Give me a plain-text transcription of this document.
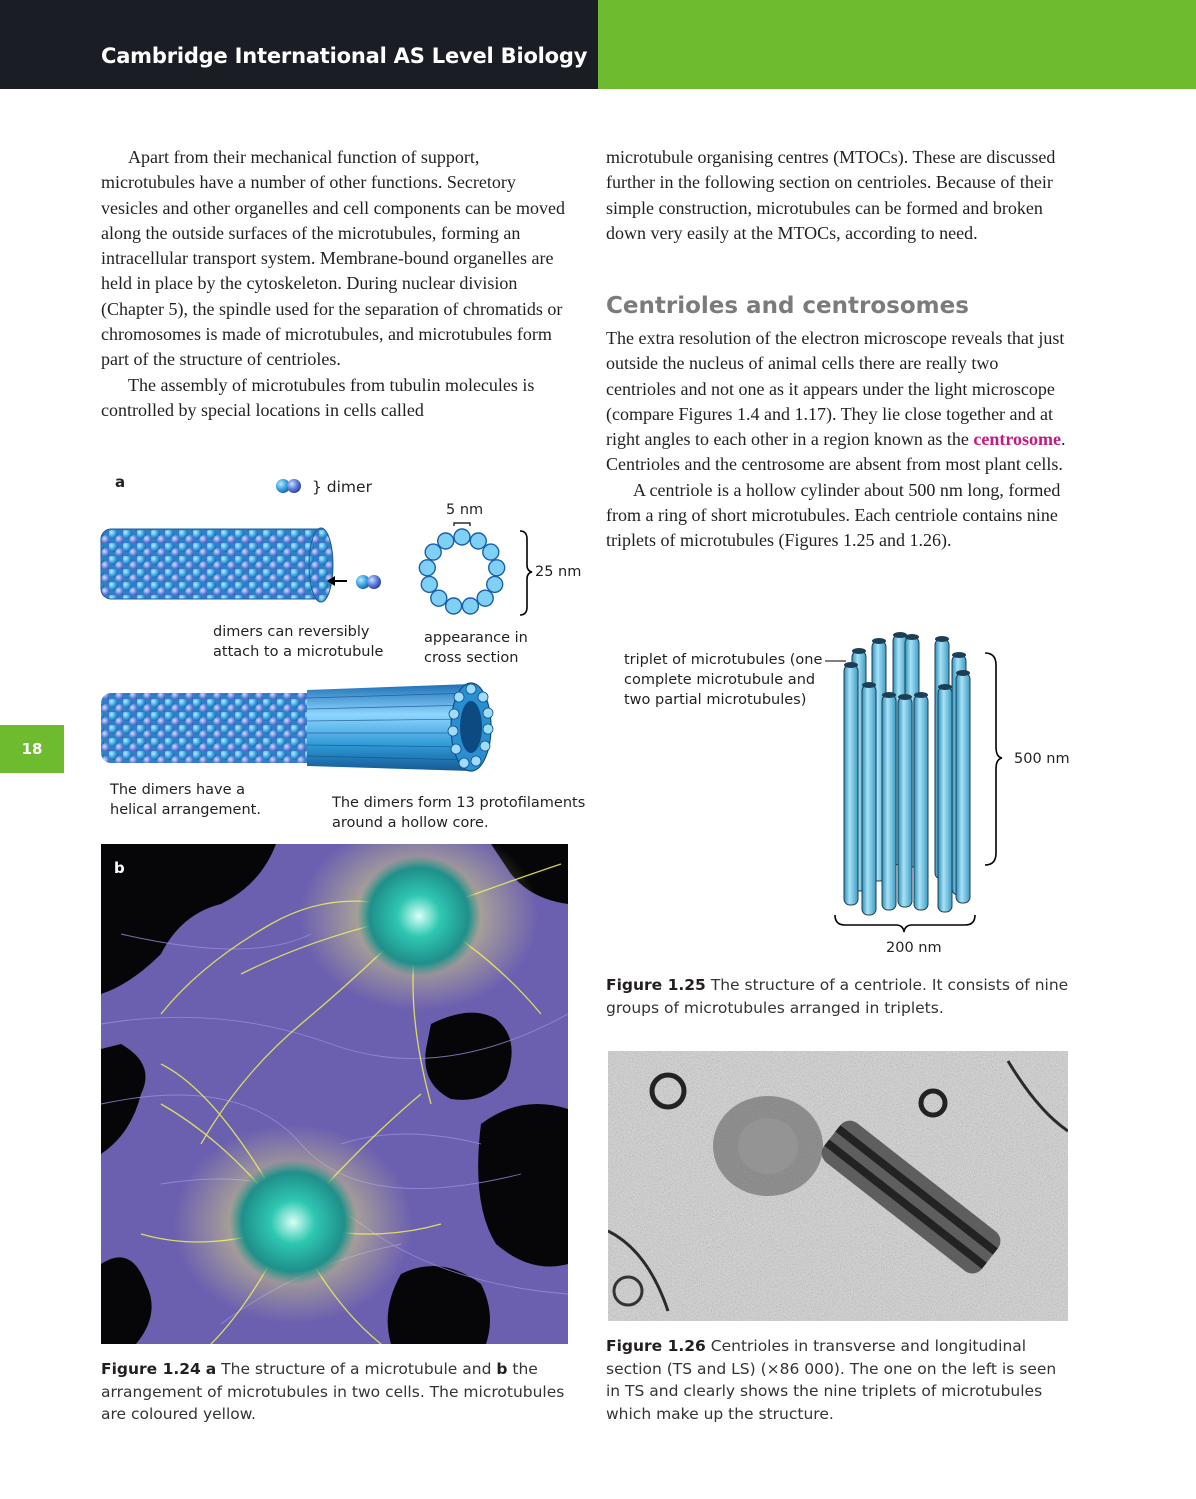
Cambridge International AS Level Biology
18

Apart from their mechanical function of support, microtubules have a number of other functions. Secretory vesicles and other organelles and cell components can be moved along the outside surfaces of the microtubules, forming an intracellular transport system. Membrane-bound organelles are held in place by the cytoskeleton. During nuclear division (Chapter 5), the spindle used for the separation of chromatids or chromosomes is made of microtubules, and microtubules form part of the structure of centrioles.

The assembly of microtubules from tubulin molecules is controlled by special locations in cells called

microtubule organising centres (MTOCs). These are discussed further in the following section on centrioles. Because of their simple construction, microtubules can be formed and broken down very easily at the MTOCs, according to need.

Centrioles and centrosomes

The extra resolution of the electron microscope reveals that just outside the nucleus of animal cells there are really two centrioles and not one as it appears under the light microscope (compare Figures 1.4 and 1.17). They lie close together and at right angles to each other in a region known as the centrosome. Centrioles and the centrosome are absent from most plant cells.

A centriole is a hollow cylinder about 500 nm long, formed from a ring of short microtubules. Each centriole contains nine triplets of microtubules (Figures 1.25 and 1.26).

a	} dimer
5 nm
25 nm
dimers can reversibly
attach to a microtubule
appearance in
cross section
The dimers have a
helical arrangement.	The dimers form 13 protofilaments
around a hollow core.
b
Figure 1.24 a The structure of a microtubule and b the arrangement of microtubules in two cells. The microtubules are coloured yellow.
triplet of microtubules (one
complete microtubule and
two partial microtubules)
500 nm
200 nm
Figure 1.25 The structure of a centriole. It consists of nine groups of microtubules arranged in triplets.
Figure 1.26 Centrioles in transverse and longitudinal section (TS and LS) (×86 000). The one on the left is seen in TS and clearly shows the nine triplets of microtubules which make up the structure.
